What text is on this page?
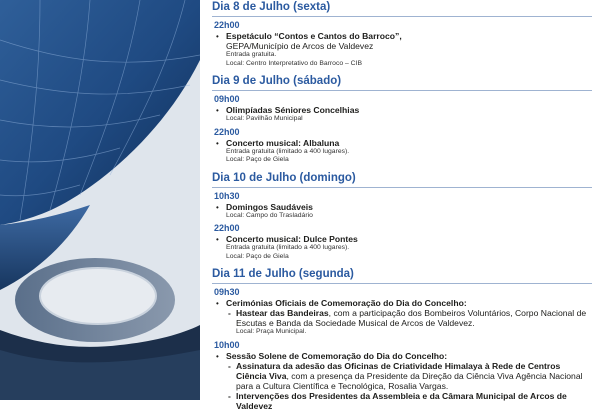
Dia 8 de Julho (sexta)
22h00
• Espetáculo “Contos e Cantos do Barroco”,
GEPA/Município de Arcos de Valdevez
Entrada gratuita.
Local: Centro Interpretativo do Barroco – CIB
Dia 9 de Julho (sábado)
09h00
• Olimpíadas Séniores Concelhias
Local: Pavilhão Municipal
22h00
• Concerto musical: Albaluna
Entrada gratuita (limitado a 400 lugares).
Local: Paço de Giela
Dia 10 de Julho (domingo)
10h30
• Domingos Saudáveis
Local: Campo do Trasladário
22h00
• Concerto musical: Dulce Pontes
Entrada gratuita (limitado a 400 lugares).
Local: Paço de Giela
Dia 11 de Julho (segunda)
09h30
• Cerimónias Oficiais de Comemoração do Dia do Concelho:
- Hastear das Bandeiras, com a participação dos Bombeiros Voluntários, Corpo Nacional de Escutas e Banda da Sociedade Musical de Arcos de Valdevez.
Local: Praça Municipal.
10h00
• Sessão Solene de Comemoração do Dia do Concelho:
- Assinatura da adesão das Oficinas de Criatividade Himalaya à Rede de Centros Ciência Viva, com a presença da Presidente da Direção da Ciência Viva Agência Nacional para a Cultura Científica e Tecnológica, Rosalia Vargas.
- Intervenções dos Presidentes da Assembleia e da Câmara Municipal de Arcos de Valdevez
